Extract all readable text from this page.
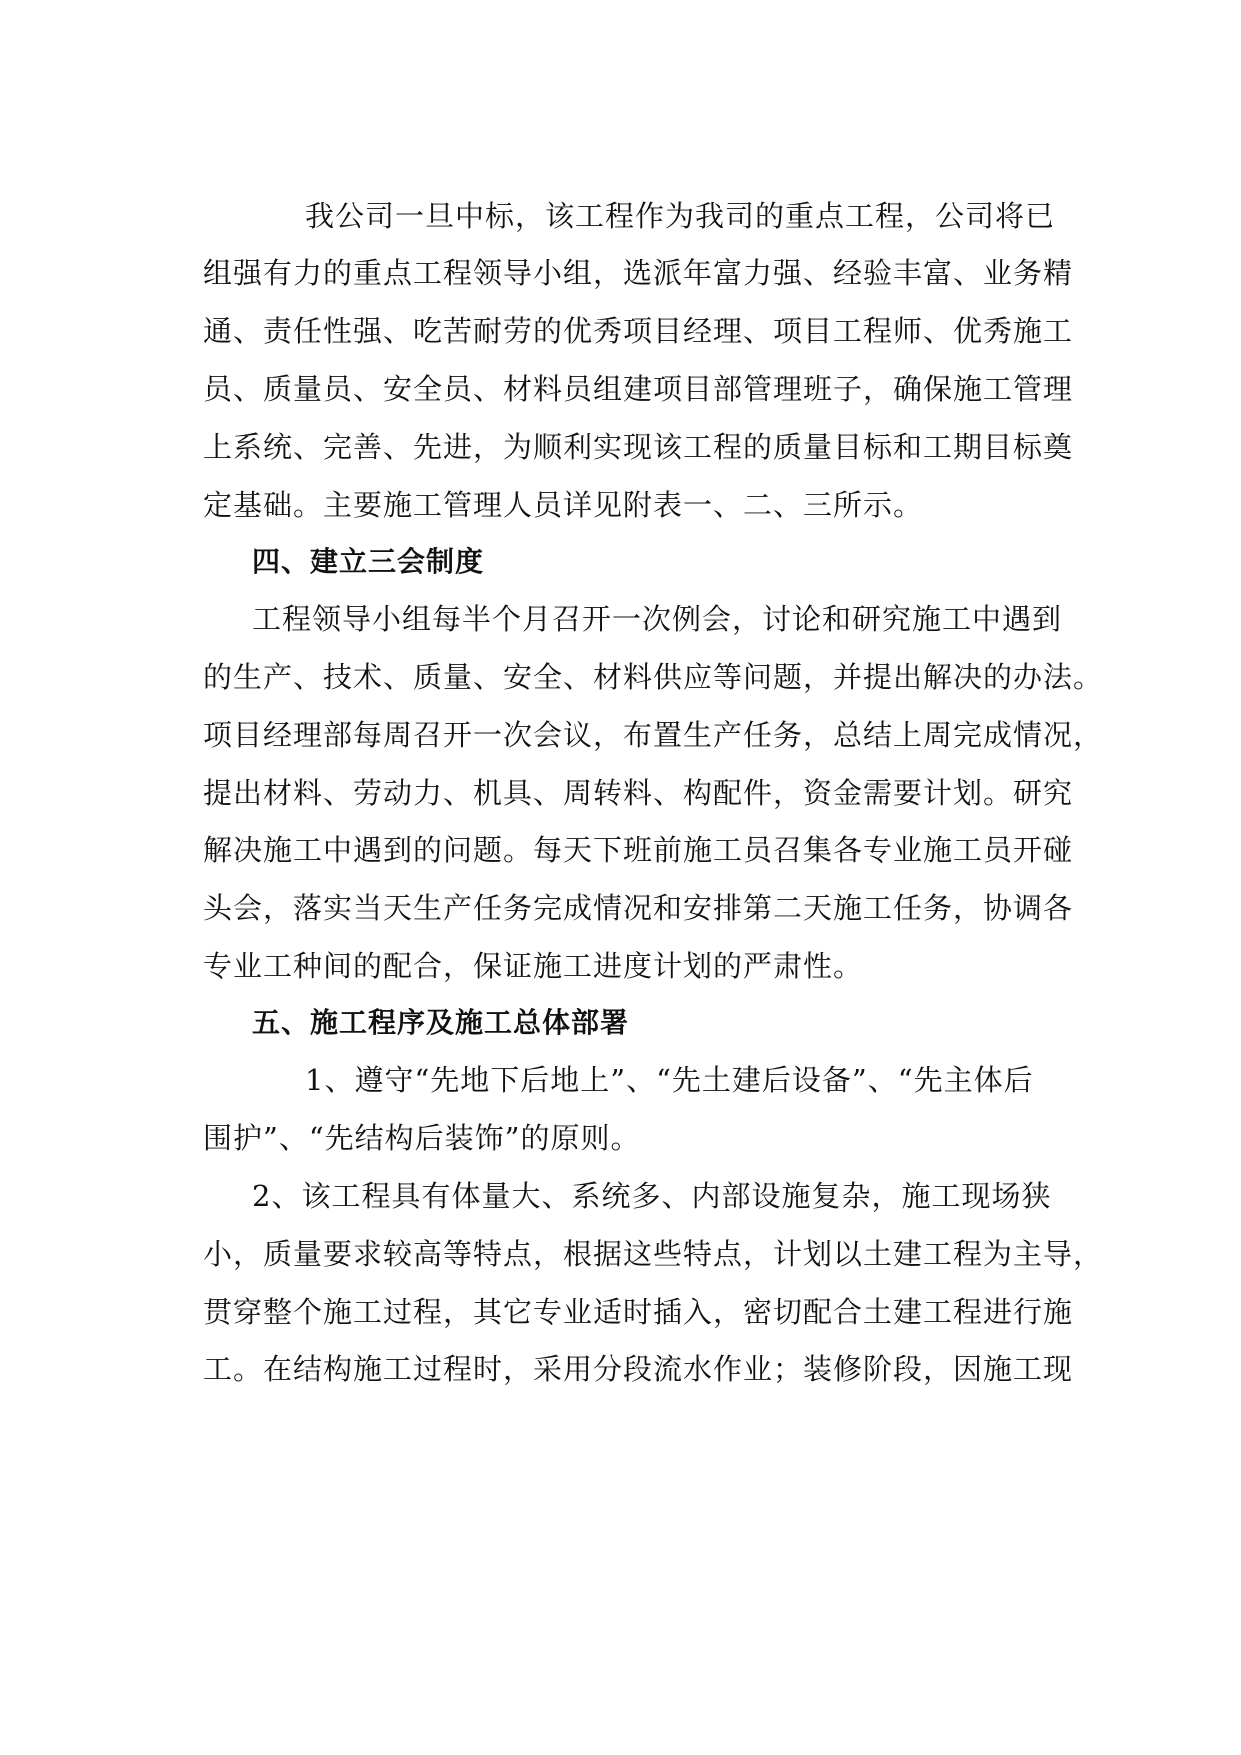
我公司一旦中标，该工程作为我司的重点工程，公司将已
组强有力的重点工程领导小组，选派年富力强、经验丰富、业务精
通、责任性强、吃苦耐劳的优秀项目经理、项目工程师、优秀施工
员、质量员、安全员、材料员组建项目部管理班子，确保施工管理
上系统、完善、先进，为顺利实现该工程的质量目标和工期目标奠
定基础。主要施工管理人员详见附表一、二、三所示。
四、建立三会制度
工程领导小组每半个月召开一次例会，讨论和研究施工中遇到
的生产、技术、质量、安全、材料供应等问题，并提出解决的办法。
项目经理部每周召开一次会议，布置生产任务，总结上周完成情况，
提出材料、劳动力、机具、周转料、构配件，资金需要计划。研究
解决施工中遇到的问题。每天下班前施工员召集各专业施工员开碰
头会，落实当天生产任务完成情况和安排第二天施工任务，协调各
专业工种间的配合，保证施工进度计划的严肃性。
五、施工程序及施工总体部署
1、遵守“先地下后地上”、“先土建后设备”、“先主体后
围护”、“先结构后装饰”的原则。
2、该工程具有体量大、系统多、内部设施复杂，施工现场狭
小，质量要求较高等特点，根据这些特点，计划以土建工程为主导，
贯穿整个施工过程，其它专业适时插入，密切配合土建工程进行施
工。在结构施工过程时，采用分段流水作业；装修阶段，因施工现
